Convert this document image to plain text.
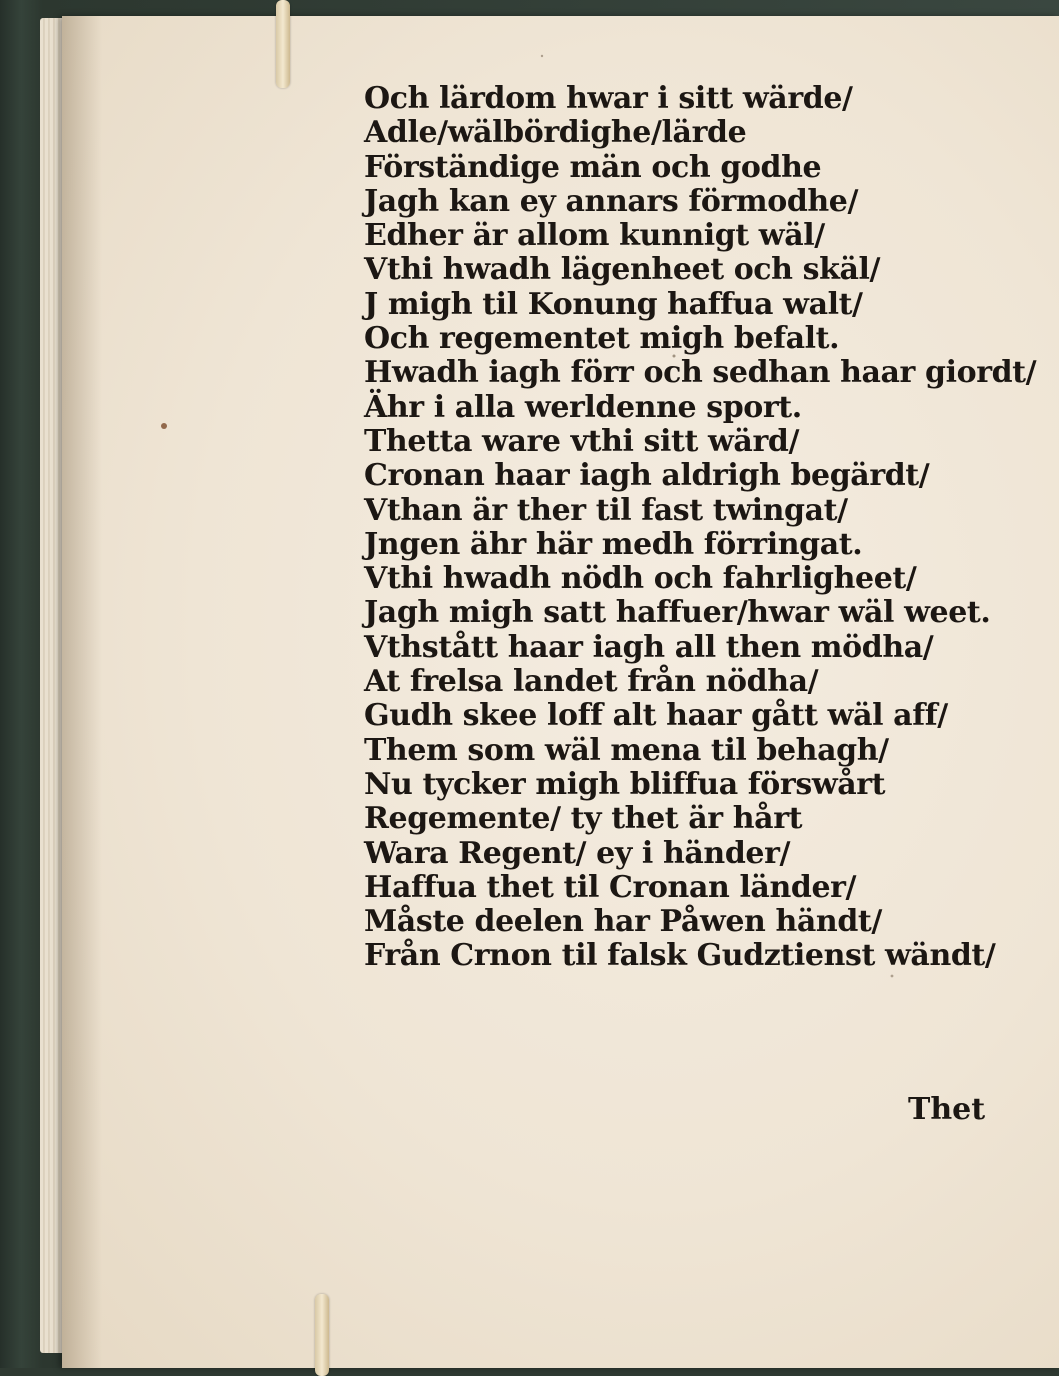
Och lärdom hwar i sitt wärde/
Adle/wälbördighe/lärde
Förständige män och godhe
Jagh kan ey annars förmodhe/
Edher är allom kunnigt wäl/
Vthi hwadh lägenheet och skäl/
J migh til Konung haffua walt/
Och regementet migh befalt.
Hwadh iagh förr och sedhan haar giordt/
Ähr i alla werldenne sport.
Thetta ware vthi sitt wärd/
Cronan haar iagh aldrigh begärdt/
Vthan är ther til fast twingat/
Jngen ähr här medh förringat.
Vthi hwadh nödh och fahrligheet/
Jagh migh satt haffuer/hwar wäl weet.
Vthstått haar iagh all then mödha/
At frelsa landet från nödha/
Gudh skee loff alt haar gått wäl aff/
Them som wäl mena til behagh/
Nu tycker migh bliffua förswårt
Regemente/ ty thet är hårt
Wara Regent/ ey i händer/
Haffua thet til Cronan länder/
Måste deelen har Påwen händt/
Från Crnon til falsk Gudztienst wändt/
Thet
